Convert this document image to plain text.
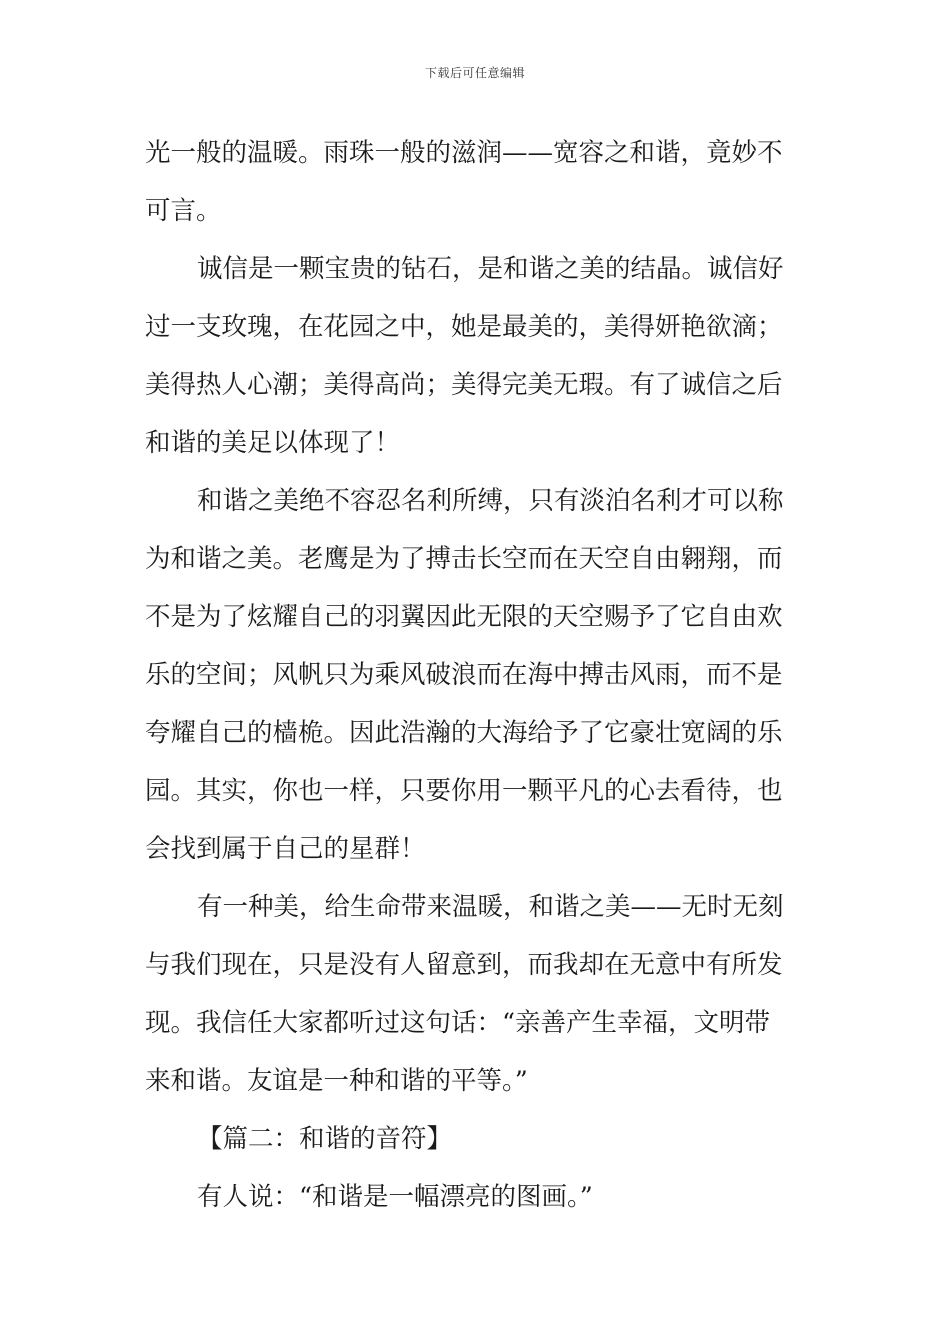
下载后可任意编辑
光一般的温暖。雨珠一般的滋润——宽容之和谐，竟妙不
可言。
诚信是一颗宝贵的钻石，是和谐之美的结晶。诚信好
过一支玫瑰，在花园之中，她是最美的，美得妍艳欲滴；
美得热人心潮；美得高尚；美得完美无瑕。有了诚信之后
和谐的美足以体现了！
和谐之美绝不容忍名利所缚，只有淡泊名利才可以称
为和谐之美。老鹰是为了搏击长空而在天空自由翱翔，而
不是为了炫耀自己的羽翼因此无限的天空赐予了它自由欢
乐的空间；风帆只为乘风破浪而在海中搏击风雨，而不是
夸耀自己的樯桅。因此浩瀚的大海给予了它豪壮宽阔的乐
园。其实，你也一样，只要你用一颗平凡的心去看待，也
会找到属于自己的星群！
有一种美，给生命带来温暖，和谐之美——无时无刻
与我们现在，只是没有人留意到，而我却在无意中有所发
现。我信任大家都听过这句话：“亲善产生幸福，文明带
来和谐。友谊是一种和谐的平等。”
【篇二：和谐的音符】
有人说：“和谐是一幅漂亮的图画。”
